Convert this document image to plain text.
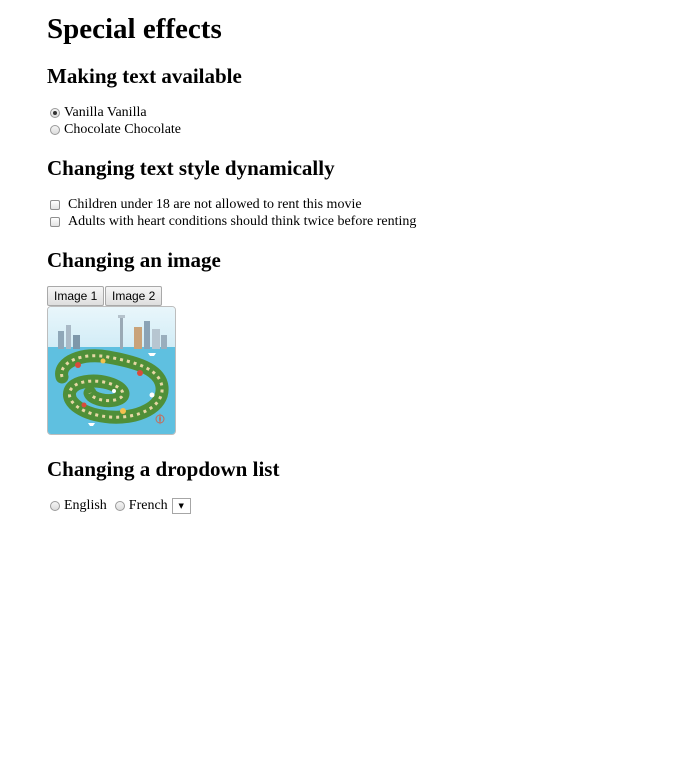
Special effects
Making text available
Vanilla Vanilla
Chocolate Chocolate
Changing text style dynamically
Children under 18 are not allowed to rent this movie
Adults with heart conditions should think twice before renting
Changing an image
Image 1	Image 2
Changing a dropdown list
English French	▼
